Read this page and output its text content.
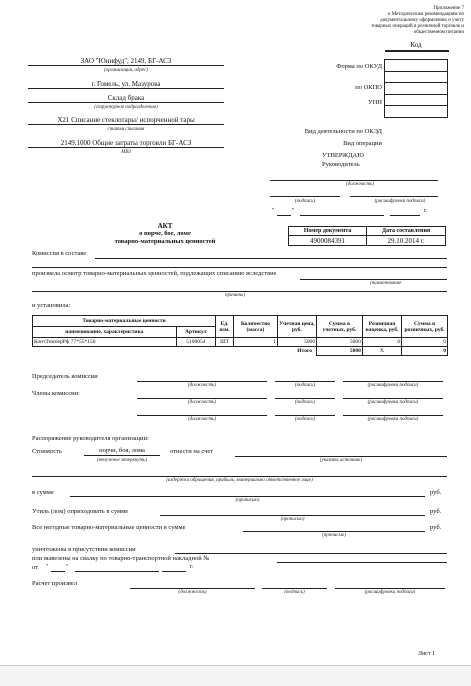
Приложение 7
к Методическим рекомендациям по
документальному оформлению и учету
товарных операций в розничной торговле и
общественном питании
Код

Форма по ОКУД
по ОКПО
УНН
Вид деятельности по ОКЭД
Вид операции
ЗАО "Юнифуд", 2149, БГ-АСЗ
(организация, адрес)
г. Гомель, ул. Мазурова
Склад брака
(структурное подразделение)
Х21 Списание стеклотары/ испорченной тары
статья списания
2149.1000 Общие затраты торговли БГ-АСЗ
МВЗ	УТВЕРЖДАЮ
Руководитель
(должность)
(подпись)	(расшифровка подписи)
"	"	г.
АКТ
о порче, бое, ломе
товарно-материальных ценностей
Номер документа	Дата составления
4900084391	29.10.2014 г.
Комиссия в составе
произвела осмотр товарно-материальных ценностей, подлежащих списанию вследствие
(наименование
причины)
и установила:
Товарно-материальные ценности		Ед. изм.	Количество (масса)	Учетная цена, руб.	Сумма в учетных, руб.	Розничная наценка, руб.	Сумма в розничных, руб.
наименование, характеристика	Артикул						
КонтТемперРф 77*55*150	5100054	ШТ	1	5000	5000	0	0
Итого					5000	Х	0
Председатель комиссии
(должность)	(подпись)	(расшифровка подписи)
Члены комиссии:
(должность)	(подпись)	(расшифровка подписи)
(должность)	(подпись)	(расшифровка подписи)
Распоряжение руководителя организации:
Стоимость	порчи, боя, лома
(ненужное зачеркнуть)
отнести на счет
(указать источник)
(издержки обращения, прибыль, материально ответственное лицо)
в сумме	руб.
(прописью)
Утиль (лом) оприходовать в сумме	руб.
(прописью)
Все негодные товарно-материальные ценности в сумме	руб.
(прописью)
уничтожены в присутствии комиссии
или вывезены на свалку по товарно-транспортной накладной №
от "	"	г.
Расчет произвел
(должность)	(подпись)	(расшифровка подписи)
Лист 1
